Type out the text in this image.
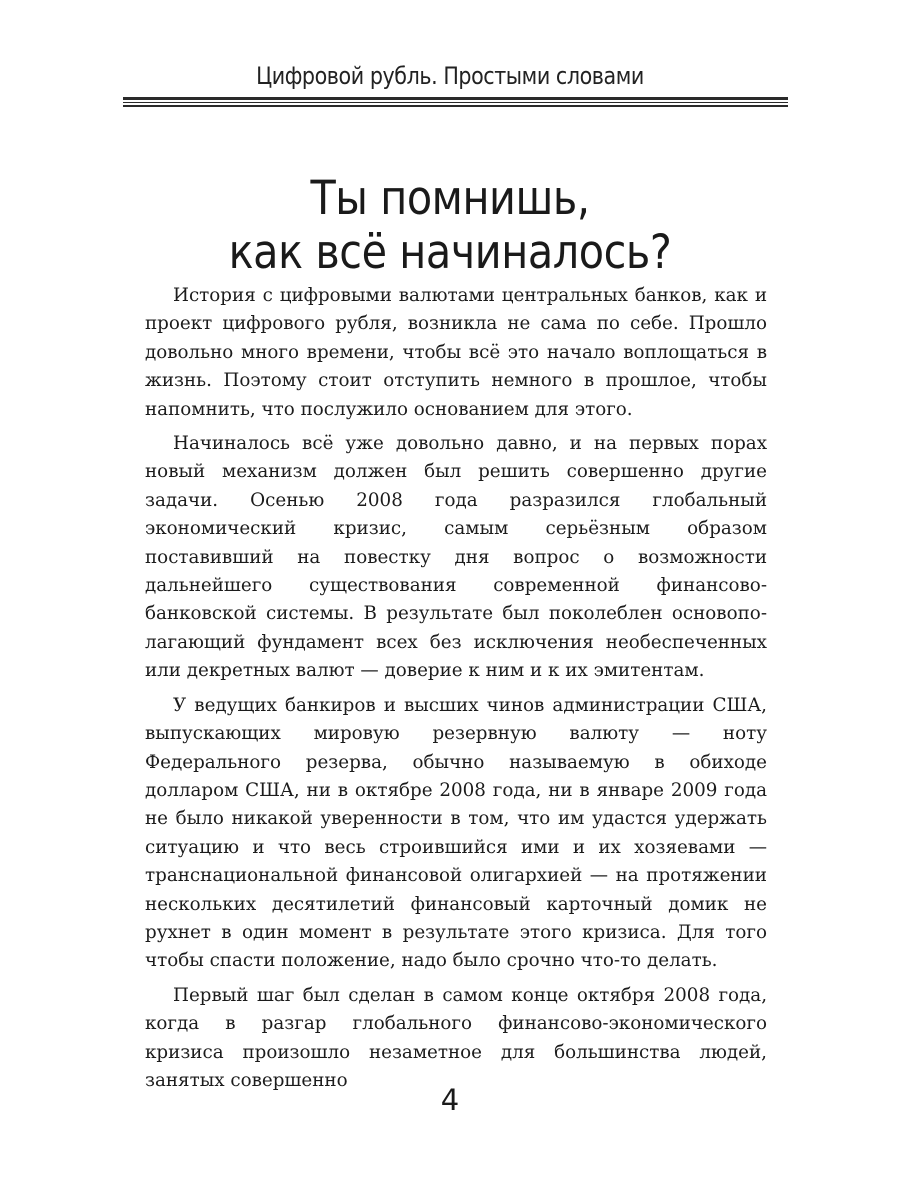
Цифровой рубль. Простыми словами
Ты помнишь,
как всё начиналось?

История с цифровыми валютами центральных банков, как и проект цифрового рубля, возникла не сама по себе. Прошло довольно много времени, чтобы всё это начало воплощаться в жизнь. Поэтому стоит отступить немного в прошлое, чтобы напомнить, что послужило основанием для этого.

Начиналось всё уже довольно давно, и на первых порах новый механизм должен был решить совершенно другие задачи. Осенью 2008 года разразился глобальный экономический кризис, самым серьёзным образом поставивший на повестку дня вопрос о возможности дальнейшего существования современной финансово-банковской системы. В результате был поколеблен основополагающий фундамент всех без исключения необеспеченных или декретных валют — доверие к ним и к их эмитентам.

У ведущих банкиров и высших чинов администрации США, выпускающих мировую резервную валюту — ноту Федерального резерва, обычно называемую в обиходе долларом США, ни в октябре 2008 года, ни в январе 2009 года не было никакой уверенности в том, что им удастся удержать ситуацию и что весь строившийся ими и их хозяевами — транснациональной финансовой олигархией — на протяжении нескольких десятилетий финансовый карточный домик не рухнет в один момент в результате этого кризиса. Для того чтобы спасти положение, надо было срочно что-то делать.

Первый шаг был сделан в самом конце октября 2008 года, когда в разгар глобального финансово-экономического кризиса произошло незаметное для большинства людей, занятых совершенно

4
